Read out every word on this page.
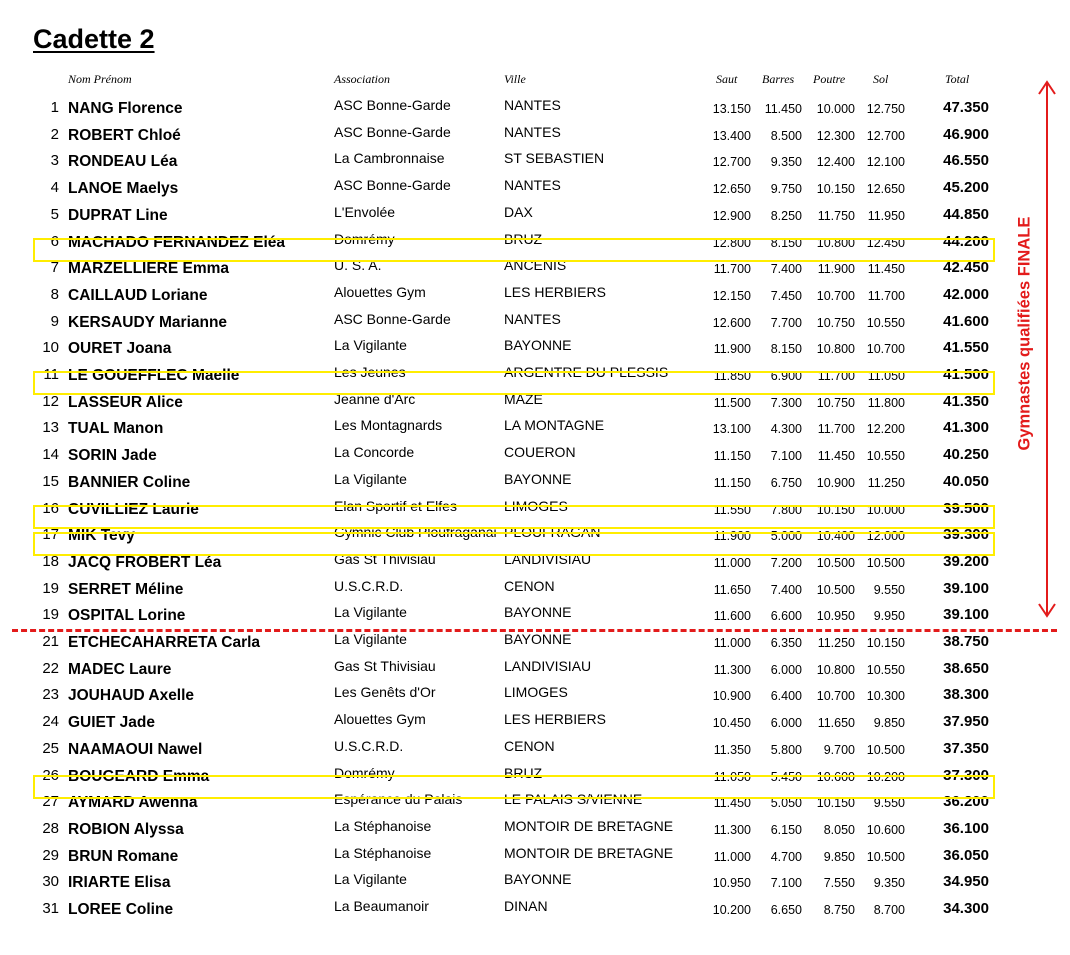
Cadette 2
Nom Prénom	Association	Ville	Saut Barres Poutre Sol	Total
1 NANG Florence	ASC Bonne-Garde	NANTES	13.150	11.450	10.000 12.750	47.350
2 ROBERT Chloé	ASC Bonne-Garde	NANTES	13.400	8.500	12.300 12.700	46.900
3 RONDEAU Léa	La Cambronnaise	ST SEBASTIEN	12.700	9.350	12.400 12.100	46.550
4 LANOE Maelys	ASC Bonne-Garde	NANTES	12.650	9.750	10.150 12.650	45.200
5 DUPRAT Line	L'Envolée	DAX	12.900	8.250	11.750	11.950	44.850
6 MACHADO FERNANDEZ Eléa	Domrémy	BRUZ	12.800	8.150	10.800 12.450	44.200
7 MARZELLIERE Emma	U. S. A.	ANCENIS	11.700	7.400	11.900	11.450	42.450
8 CAILLAUD Loriane	Alouettes Gym	LES HERBIERS	12.150	7.450	10.700	11.700	42.000
9 KERSAUDY Marianne	ASC Bonne-Garde	NANTES	12.600	7.700	10.750 10.550	41.600
10 OURET Joana	La Vigilante	BAYONNE	11.900	8.150	10.800 10.700	41.550
11 LE GOUEFFLEC Maelle	Les Jeunes	ARGENTRE DU PLESSIS	11.850	6.900	11.700	11.050	41.500
12 LASSEUR Alice	Jeanne d'Arc	MAZE	11.500	7.300	10.750	11.800	41.350
13 TUAL Manon	Les Montagnards	LA MONTAGNE	13.100	4.300	11.700 12.200	41.300
14 SORIN Jade	La Concorde	COUERON	11.150	7.100	11.450 10.550	40.250
15 BANNIER Coline	La Vigilante	BAYONNE	11.150	6.750	10.900	11.250	40.050
16 CUVILLIEZ Laurie	Elan Sportif et Elfes	LIMOGES	11.550	7.800	10.150 10.000	39.500
17 MIK Tevy	Gymnic Club Ploufraganai PLOUFRAGAN	11.900	5.000	10.400 12.000	39.300
18 JACQ FROBERT Léa	Gas St Thivisiau	LANDIVISIAU	11.000	7.200	10.500 10.500	39.200
19 SERRET Méline	U.S.C.R.D.	CENON	11.650	7.400	10.500	9.550	39.100
19 OSPITAL Lorine	La Vigilante	BAYONNE	11.600	6.600	10.950	9.950	39.100
21 ETCHECAHARRETA Carla	La Vigilante	BAYONNE	11.000	6.350	11.250 10.150	38.750
22 MADEC Laure	Gas St Thivisiau	LANDIVISIAU	11.300	6.000	10.800 10.550	38.650
23 JOUHAUD Axelle	Les Genêts d'Or	LIMOGES	10.900	6.400	10.700 10.300	38.300
24 GUIET Jade	Alouettes Gym	LES HERBIERS	10.450	6.000	11.650	9.850	37.950
25 NAAMAOUI Nawel	U.S.C.R.D.	CENON	11.350	5.800	9.700 10.500	37.350
26 BOUGEARD Emma	Domrémy	BRUZ	11.050	5.450	10.600 10.200	37.300
27 AYMARD Awenna	Espérance du Palais	LE PALAIS S/VIENNE	11.450	5.050	10.150	9.550	36.200
28 ROBION Alyssa	La Stéphanoise	MONTOIR DE BRETAGNE	11.300	6.150	8.050 10.600	36.100
29 BRUN Romane	La Stéphanoise	MONTOIR DE BRETAGNE	11.000	4.700	9.850 10.500	36.050
30 IRIARTE Elisa	La Vigilante	BAYONNE	10.950	7.100	7.550	9.350	34.950
31 LOREE Coline	La Beaumanoir	DINAN	10.200	6.650	8.750	8.700	34.300
Gymnastes qualifiées FINALE
